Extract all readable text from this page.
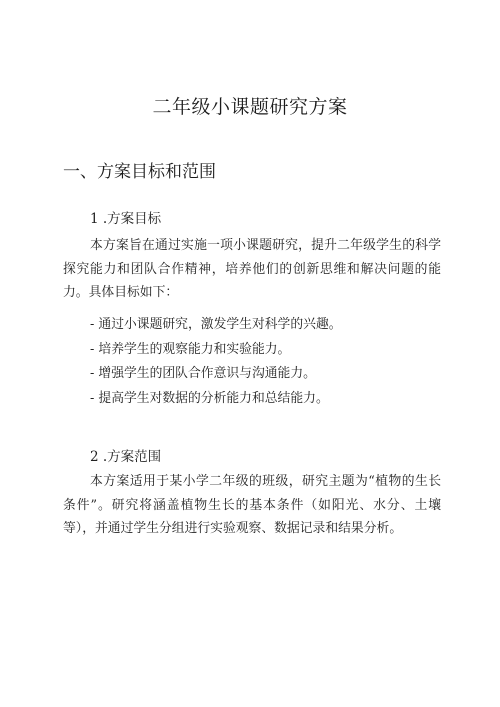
二年级小课题研究方案
一、方案目标和范围
1 .方案目标

本方案旨在通过实施一项小课题研究，提升二年级学生的科学探究能力和团队合作精神，培养他们的创新思维和解决问题的能力。具体目标如下：

- 通过小课题研究，激发学生对科学的兴趣。
- 培养学生的观察能力和实验能力。
- 增强学生的团队合作意识与沟通能力。
- 提高学生对数据的分析能力和总结能力。
2 .方案范围

本方案适用于某小学二年级的班级，研究主题为“植物的生长条件”。研究将涵盖植物生长的基本条件（如阳光、水分、土壤等），并通过学生分组进行实验观察、数据记录和结果分析。
